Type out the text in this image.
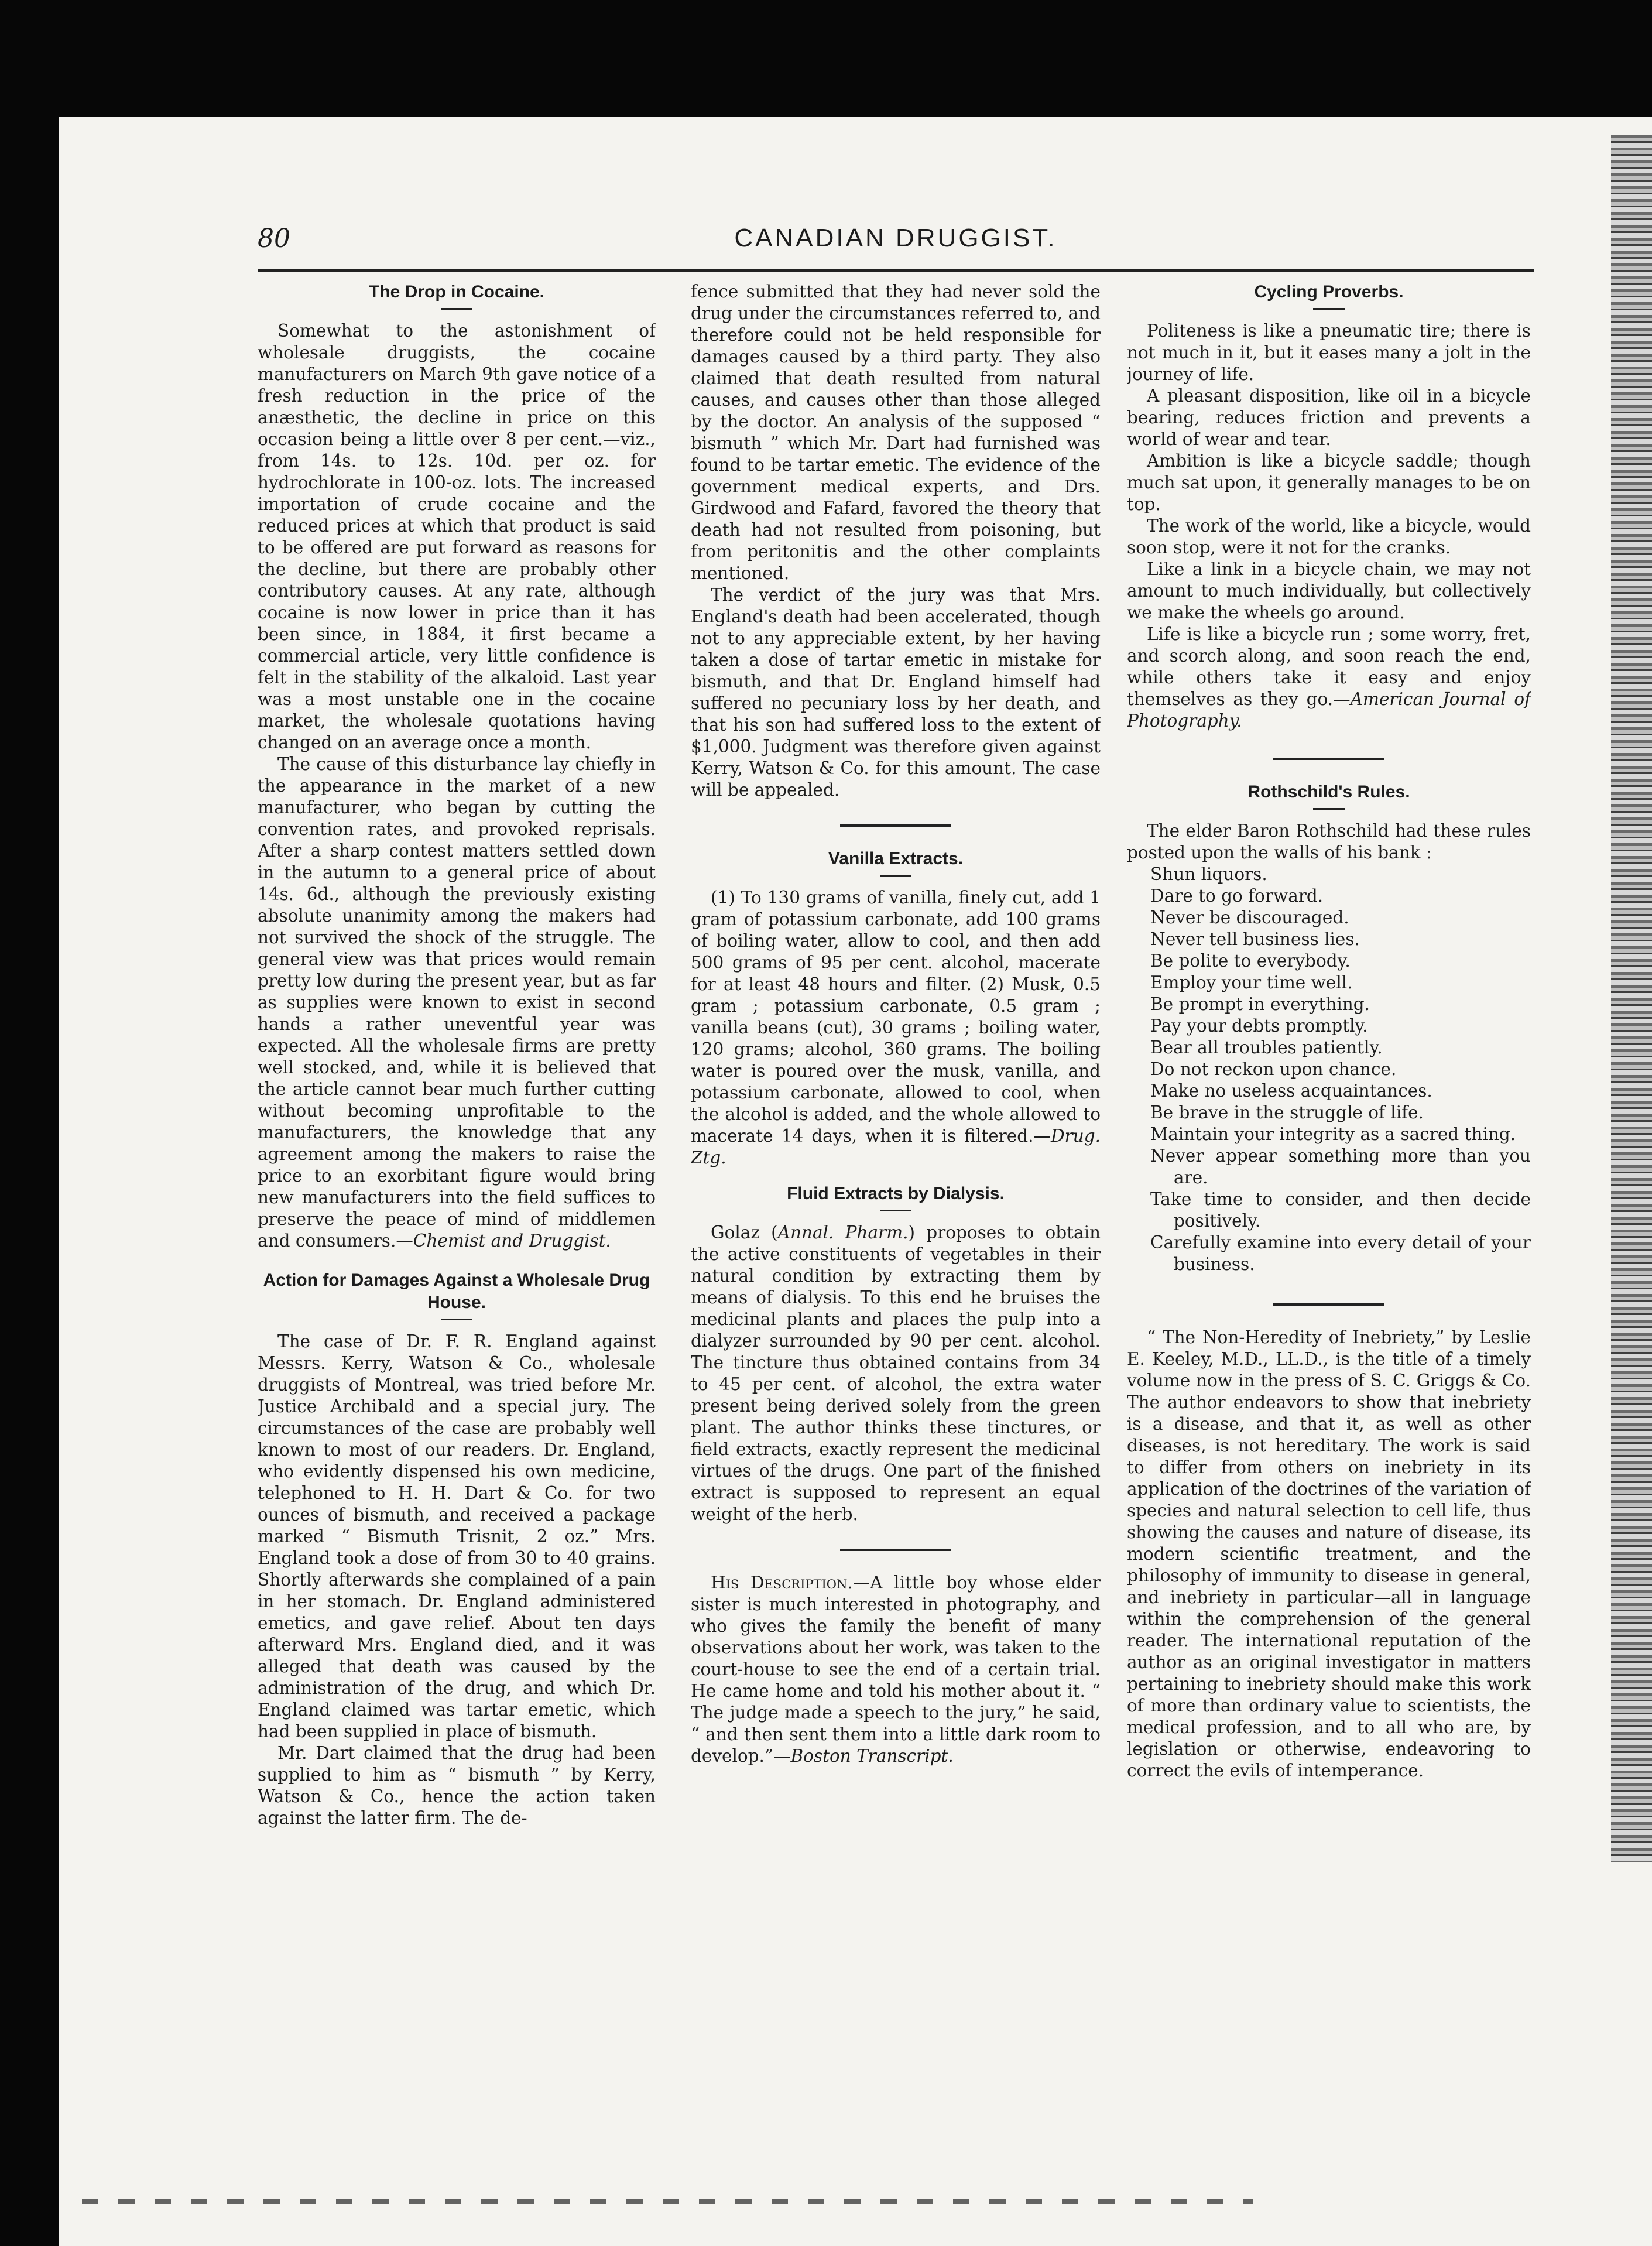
80	CANADIAN DRUGGIST.
The Drop in Cocaine.

Somewhat to the astonishment of wholesale druggists, the cocaine manufacturers on March 9th gave notice of a fresh reduction in the price of the anæsthetic, the decline in price on this occasion being a little over 8 per cent.—viz., from 14s. to 12s. 10d. per oz. for hydrochlorate in 100-oz. lots. The increased importation of crude cocaine and the reduced prices at which that product is said to be offered are put forward as reasons for the decline, but there are probably other contributory causes. At any rate, although cocaine is now lower in price than it has been since, in 1884, it first became a commercial article, very little confidence is felt in the stability of the alkaloid. Last year was a most unstable one in the cocaine market, the wholesale quotations having changed on an average once a month.

The cause of this disturbance lay chiefly in the appearance in the market of a new manufacturer, who began by cutting the convention rates, and provoked reprisals. After a sharp contest matters settled down in the autumn to a general price of about 14s. 6d., although the previously existing absolute unanimity among the makers had not survived the shock of the struggle. The general view was that prices would remain pretty low during the present year, but as far as supplies were known to exist in second hands a rather uneventful year was expected. All the wholesale firms are pretty well stocked, and, while it is believed that the article cannot bear much further cutting without becoming unprofitable to the manufacturers, the knowledge that any agreement among the makers to raise the price to an exorbitant figure would bring new manufacturers into the field suffices to preserve the peace of mind of middlemen and consumers.—Chemist and Druggist.

Action for Damages Against a Wholesale Drug House.

The case of Dr. F. R. England against Messrs. Kerry, Watson & Co., wholesale druggists of Montreal, was tried before Mr. Justice Archibald and a special jury. The circumstances of the case are probably well known to most of our readers. Dr. England, who evidently dispensed his own medicine, telephoned to H. H. Dart & Co. for two ounces of bismuth, and received a package marked “ Bismuth Trisnit, 2 oz.” Mrs. England took a dose of from 30 to 40 grains. Shortly afterwards she complained of a pain in her stomach. Dr. England administered emetics, and gave relief. About ten days afterward Mrs. England died, and it was alleged that death was caused by the administration of the drug, and which Dr. England claimed was tartar emetic, which had been supplied in place of bismuth.

Mr. Dart claimed that the drug had been supplied to him as “ bismuth ” by Kerry, Watson & Co., hence the action taken against the latter firm. The de-

fence submitted that they had never sold the drug under the circumstances referred to, and therefore could not be held responsible for damages caused by a third party. They also claimed that death resulted from natural causes, and causes other than those alleged by the doctor. An analysis of the supposed “ bismuth ” which Mr. Dart had furnished was found to be tartar emetic. The evidence of the government medical experts, and Drs. Girdwood and Fafard, favored the theory that death had not resulted from poisoning, but from peritonitis and the other complaints mentioned.

The verdict of the jury was that Mrs. England's death had been accelerated, though not to any appreciable extent, by her having taken a dose of tartar emetic in mistake for bismuth, and that Dr. England himself had suffered no pecuniary loss by her death, and that his son had suffered loss to the extent of $1,000. Judgment was therefore given against Kerry, Watson & Co. for this amount. The case will be appealed.

Vanilla Extracts.

(1) To 130 grams of vanilla, finely cut, add 1 gram of potassium carbonate, add 100 grams of boiling water, allow to cool, and then add 500 grams of 95 per cent. alcohol, macerate for at least 48 hours and filter. (2) Musk, 0.5 gram ; potassium carbonate, 0.5 gram ; vanilla beans (cut), 30 grams ; boiling water, 120 grams; alcohol, 360 grams. The boiling water is poured over the musk, vanilla, and potassium carbonate, allowed to cool, when the alcohol is added, and the whole allowed to macerate 14 days, when it is filtered.—Drug. Ztg.

Fluid Extracts by Dialysis.

Golaz (Annal. Pharm.) proposes to obtain the active constituents of vegetables in their natural condition by extracting them by means of dialysis. To this end he bruises the medicinal plants and places the pulp into a dialyzer surrounded by 90 per cent. alcohol. The tincture thus obtained contains from 34 to 45 per cent. of alcohol, the extra water present being derived solely from the green plant. The author thinks these tinctures, or field extracts, exactly represent the medicinal virtues of the drugs. One part of the finished extract is supposed to represent an equal weight of the herb.

His Description.—A little boy whose elder sister is much interested in photography, and who gives the family the benefit of many observations about her work, was taken to the court-house to see the end of a certain trial. He came home and told his mother about it. “ The judge made a speech to the jury,” he said, “ and then sent them into a little dark room to develop.”—Boston Transcript.

Cycling Proverbs.

Politeness is like a pneumatic tire; there is not much in it, but it eases many a jolt in the journey of life.

A pleasant disposition, like oil in a bicycle bearing, reduces friction and prevents a world of wear and tear.

Ambition is like a bicycle saddle; though much sat upon, it generally manages to be on top.

The work of the world, like a bicycle, would soon stop, were it not for the cranks.

Like a link in a bicycle chain, we may not amount to much individually, but collectively we make the wheels go around.

Life is like a bicycle run ; some worry, fret, and scorch along, and soon reach the end, while others take it easy and enjoy themselves as they go.—American Journal of Photography.

Rothschild's Rules.

The elder Baron Rothschild had these rules posted upon the walls of his bank :

Shun liquors.
Dare to go forward.
Never be discouraged.
Never tell business lies.
Be polite to everybody.
Employ your time well.
Be prompt in everything.
Pay your debts promptly.
Bear all troubles patiently.
Do not reckon upon chance.
Make no useless acquaintances.
Be brave in the struggle of life.
Maintain your integrity as a sacred thing.
Never appear something more than you are.
Take time to consider, and then decide positively.
Carefully examine into every detail of your business.

“ The Non-Heredity of Inebriety,” by Leslie E. Keeley, M.D., LL.D., is the title of a timely volume now in the press of S. C. Griggs & Co. The author endeavors to show that inebriety is a disease, and that it, as well as other diseases, is not hereditary. The work is said to differ from others on inebriety in its application of the doctrines of the variation of species and natural selection to cell life, thus showing the causes and nature of disease, its modern scientific treatment, and the philosophy of immunity to disease in general, and inebriety in particular—all in language within the comprehension of the general reader. The international reputation of the author as an original investigator in matters pertaining to inebriety should make this work of more than ordinary value to scientists, the medical profession, and to all who are, by legislation or otherwise, endeavoring to correct the evils of intemperance.
